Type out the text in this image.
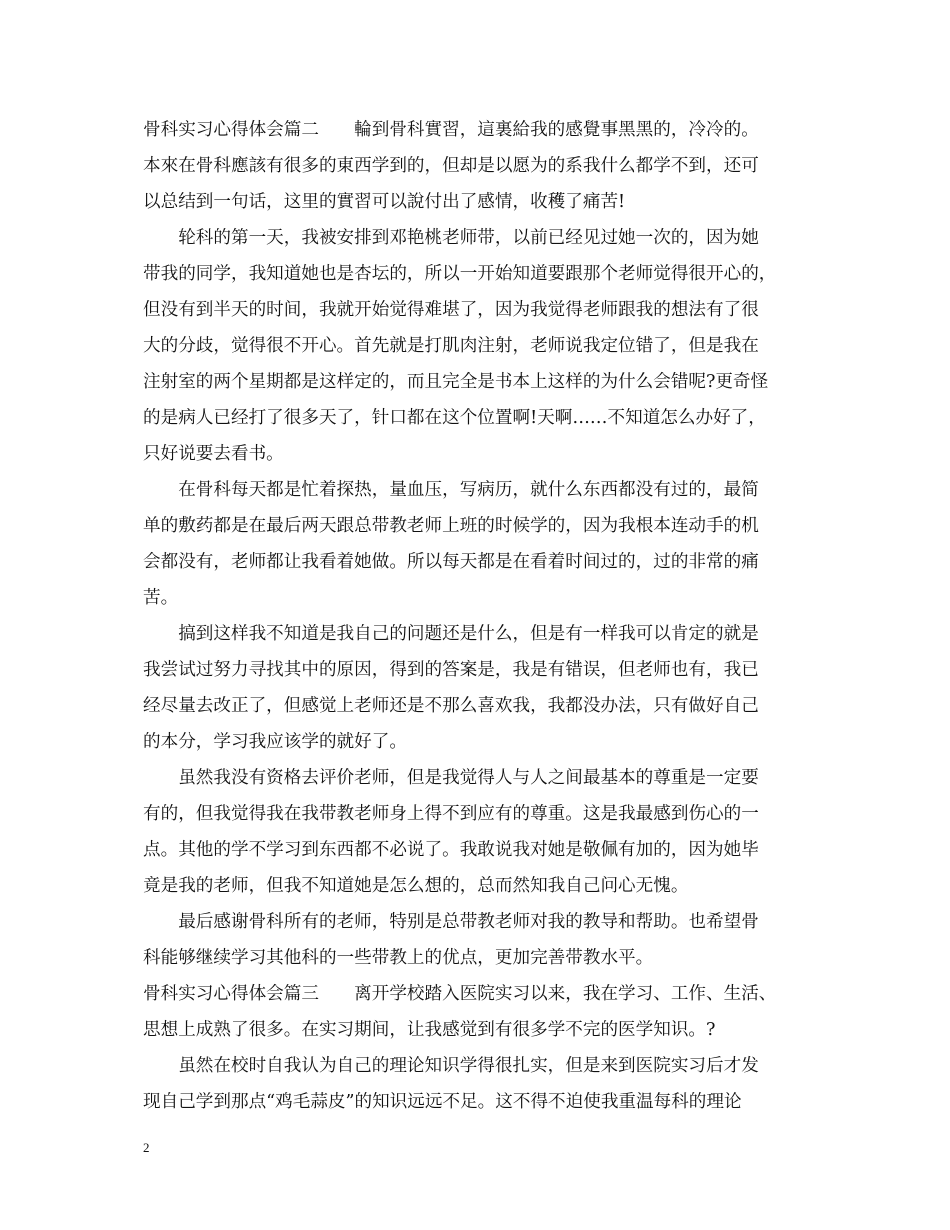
骨科实习心得体会篇二　　輪到骨科實習，這裏給我的感覺事黑黑的，冷冷的。
本來在骨科應該有很多的東西学到的，但却是以愿为的系我什么都学不到，还可
以总结到一句话，这里的實習可以說付出了感情，收穫了痛苦!
　　轮科的第一天，我被安排到邓艳桃老师带，以前已经见过她一次的，因为她
带我的同学，我知道她也是杏坛的，所以一开始知道要跟那个老师觉得很开心的，
但没有到半天的时间，我就开始觉得难堪了，因为我觉得老师跟我的想法有了很
大的分歧，觉得很不开心。首先就是打肌肉注射，老师说我定位错了，但是我在
注射室的两个星期都是这样定的，而且完全是书本上这样的为什么会错呢?更奇怪
的是病人已经打了很多天了，针口都在这个位置啊!天啊……不知道怎么办好了，
只好说要去看书。
　　在骨科每天都是忙着探热，量血压，写病历，就什么东西都没有过的，最简
单的敷药都是在最后两天跟总带教老师上班的时候学的，因为我根本连动手的机
会都没有，老师都让我看着她做。所以每天都是在看着时间过的，过的非常的痛
苦。
　　搞到这样我不知道是我自己的问题还是什么，但是有一样我可以肯定的就是
我尝试过努力寻找其中的原因，得到的答案是，我是有错误，但老师也有，我已
经尽量去改正了，但感觉上老师还是不那么喜欢我，我都没办法，只有做好自己
的本分，学习我应该学的就好了。
　　虽然我没有资格去评价老师，但是我觉得人与人之间最基本的尊重是一定要
有的，但我觉得我在我带教老师身上得不到应有的尊重。这是我最感到伤心的一
点。其他的学不学习到东西都不必说了。我敢说我对她是敬佩有加的，因为她毕
竟是我的老师，但我不知道她是怎么想的，总而然知我自己问心无愧。
　　最后感谢骨科所有的老师，特别是总带教老师对我的教导和帮助。也希望骨
科能够继续学习其他科的一些带教上的优点，更加完善带教水平。
骨科实习心得体会篇三　　离开学校踏入医院实习以来，我在学习、工作、生活、
思想上成熟了很多。在实习期间，让我感觉到有很多学不完的医学知识。?
　　虽然在校时自我认为自己的理论知识学得很扎实，但是来到医院实习后才发
现自己学到那点“鸡毛蒜皮”的知识远远不足。这不得不迫使我重温每科的理论
2
